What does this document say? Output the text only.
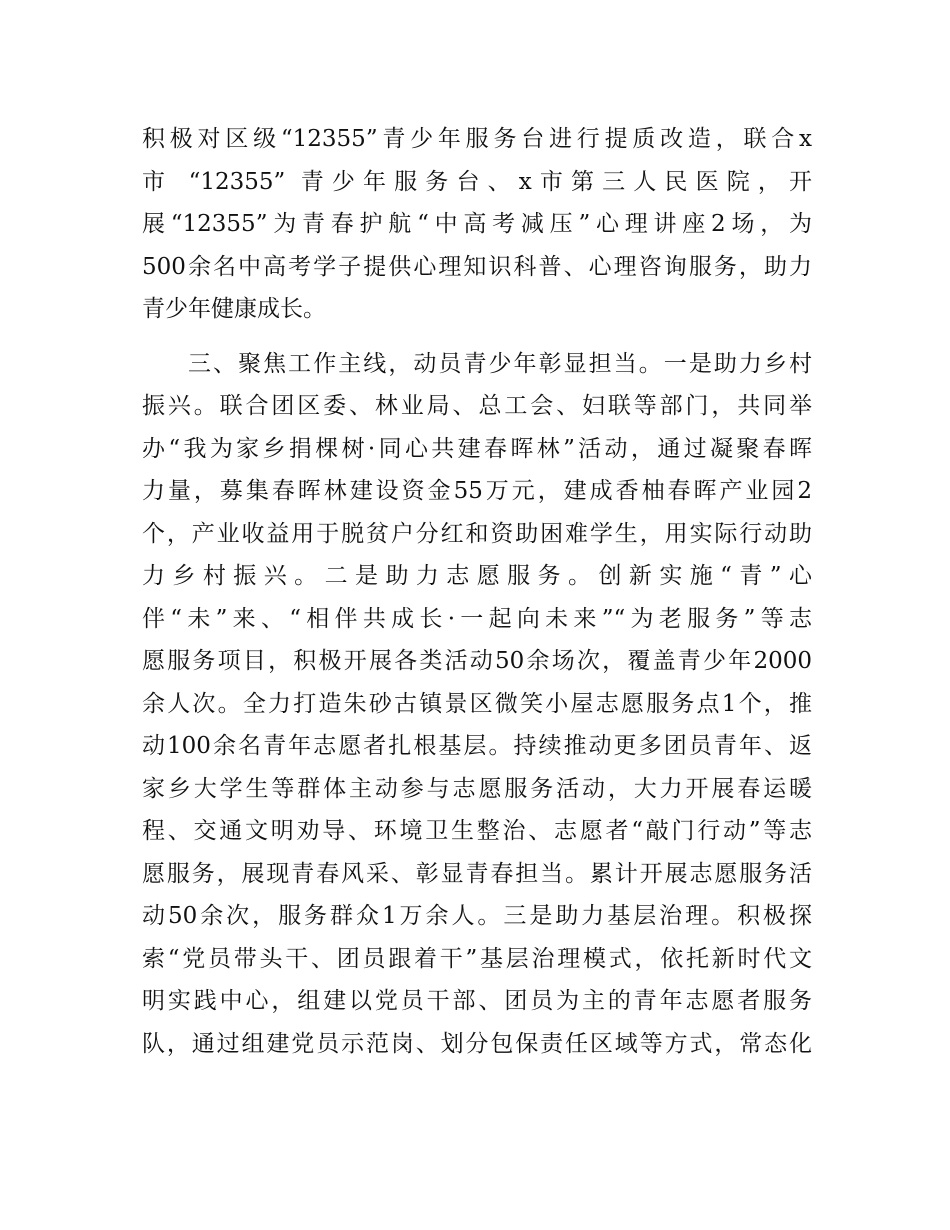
积极对区级“12355”青少年服务台进行提质改造，联合x
市 “12355” 青少年服务台、x市第三人民医院，开
展“12355”为青春护航“中高考减压”心理讲座2场，为
500余名中高考学子提供心理知识科普、心理咨询服务，助力
青少年健康成长。
三、聚焦工作主线，动员青少年彰显担当。一是助力乡村
振兴。联合团区委、林业局、总工会、妇联等部门，共同举
办“我为家乡捐棵树·同心共建春晖林”活动，通过凝聚春晖
力量，募集春晖林建设资金55万元，建成香柚春晖产业园2
个，产业收益用于脱贫户分红和资助困难学生，用实际行动助
力乡村振兴。二是助力志愿服务。创新实施“青”心
伴“未”来、“相伴共成长·一起向未来”“为老服务”等志
愿服务项目，积极开展各类活动50余场次，覆盖青少年2000
余人次。全力打造朱砂古镇景区微笑小屋志愿服务点1个，推
动100余名青年志愿者扎根基层。持续推动更多团员青年、返
家乡大学生等群体主动参与志愿服务活动，大力开展春运暖
程、交通文明劝导、环境卫生整治、志愿者“敲门行动”等志
愿服务，展现青春风采、彰显青春担当。累计开展志愿服务活
动50余次，服务群众1万余人。三是助力基层治理。积极探
索“党员带头干、团员跟着干”基层治理模式，依托新时代文
明实践中心，组建以党员干部、团员为主的青年志愿者服务
队，通过组建党员示范岗、划分包保责任区域等方式，常态化
